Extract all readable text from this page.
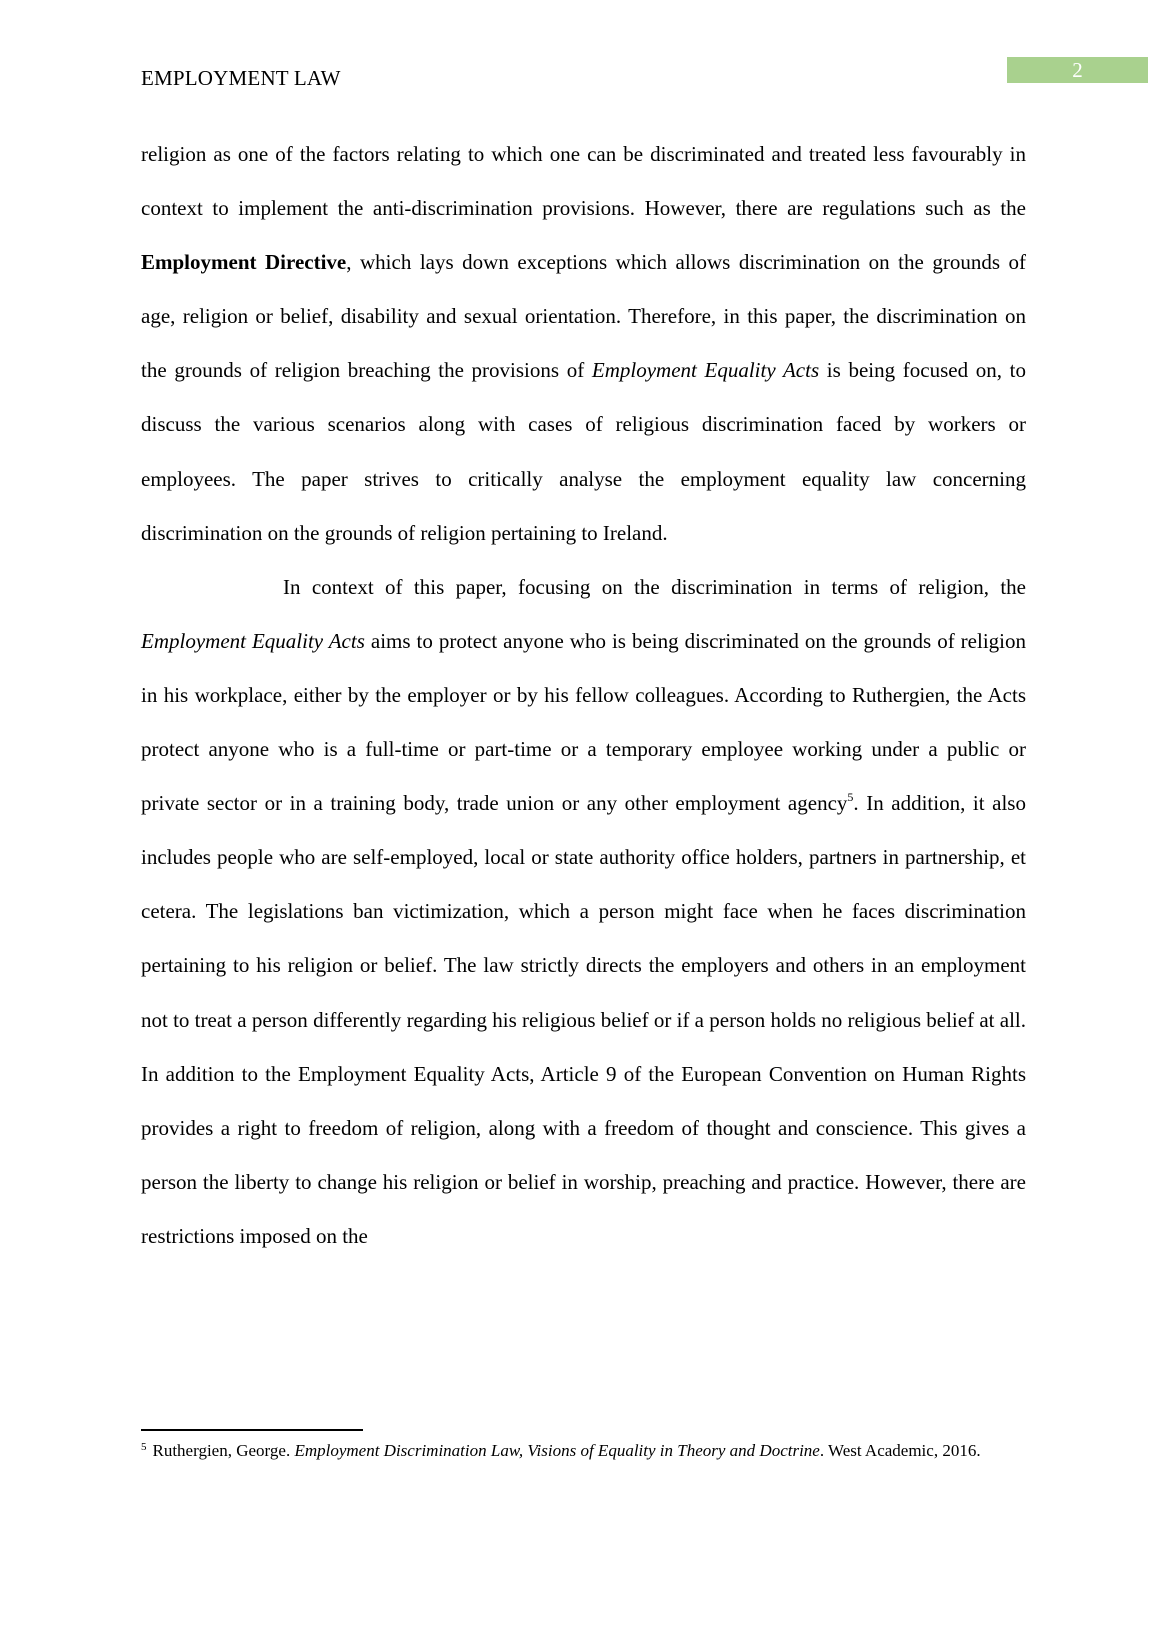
2
EMPLOYMENT LAW

religion as one of the factors relating to which one can be discriminated and treated less favourably in context to implement the anti-discrimination provisions. However, there are regulations such as the Employment Directive, which lays down exceptions which allows discrimination on the grounds of age, religion or belief, disability and sexual orientation. Therefore, in this paper, the discrimination on the grounds of religion breaching the provisions of Employment Equality Acts is being focused on, to discuss the various scenarios along with cases of religious discrimination faced by workers or employees. The paper strives to critically analyse the employment equality law concerning discrimination on the grounds of religion pertaining to Ireland.

In context of this paper, focusing on the discrimination in terms of religion, the Employment Equality Acts aims to protect anyone who is being discriminated on the grounds of religion in his workplace, either by the employer or by his fellow colleagues. According to Ruthergien, the Acts protect anyone who is a full-time or part-time or a temporary employee working under a public or private sector or in a training body, trade union or any other employment agency$^5$. In addition, it also includes people who are self-employed, local or state authority office holders, partners in partnership, et cetera. The legislations ban victimization, which a person might face when he faces discrimination pertaining to his religion or belief. The law strictly directs the employers and others in an employment not to treat a person differently regarding his religious belief or if a person holds no religious belief at all. In addition to the Employment Equality Acts, Article 9 of the European Convention on Human Rights provides a right to freedom of religion, along with a freedom of thought and conscience. This gives a person the liberty to change his religion or belief in worship, preaching and practice. However, there are restrictions imposed on the

$^5$ Ruthergien, George. Employment Discrimination Law, Visions of Equality in Theory and Doctrine. West Academic, 2016.
